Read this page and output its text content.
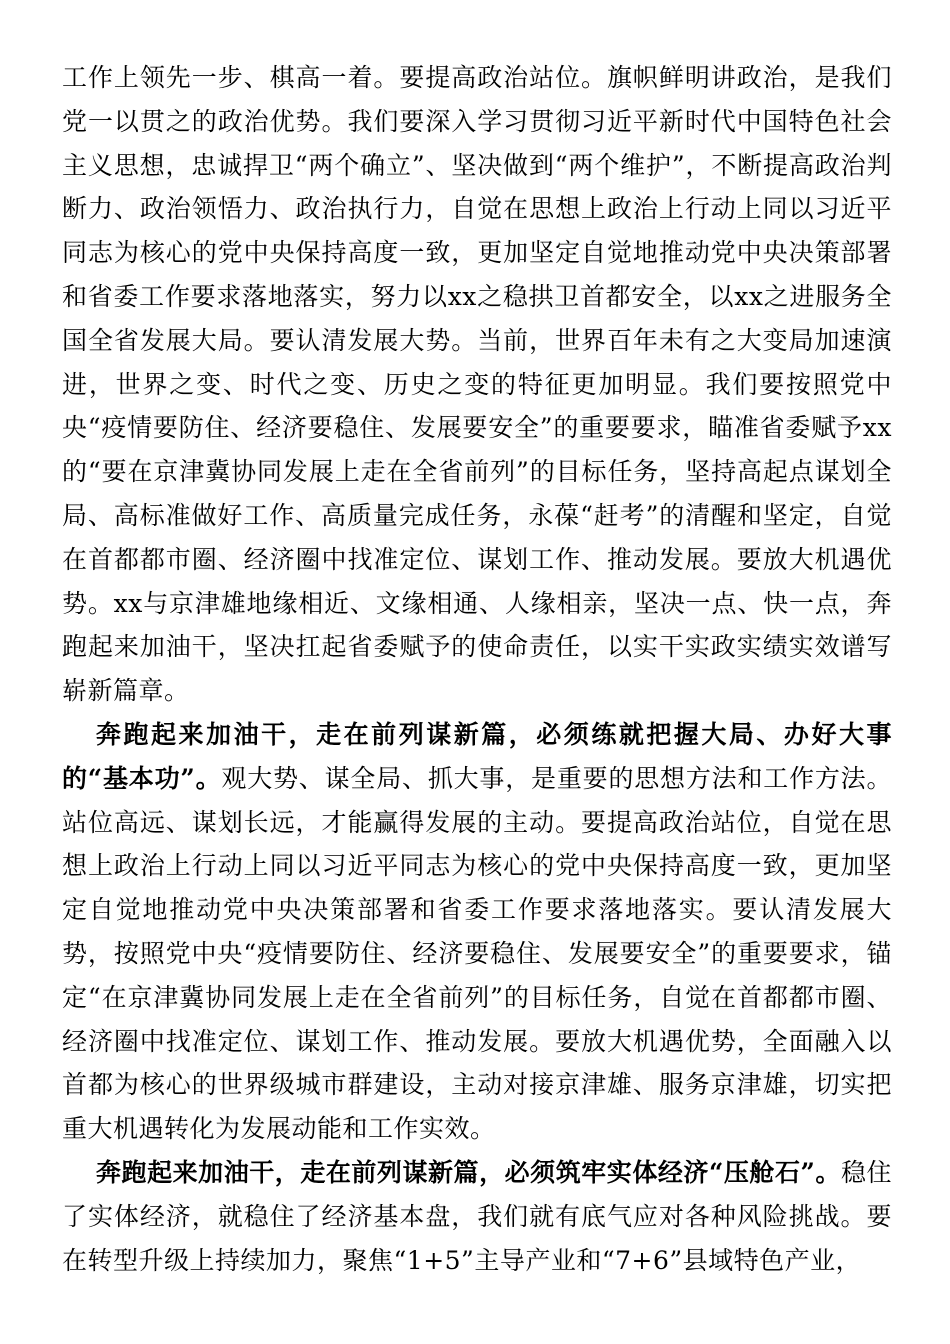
工作上领先一步、棋高一着。要提高政治站位。旗帜鲜明讲政治，是我们党一以贯之的政治优势。我们要深入学习贯彻习近平新时代中国特色社会主义思想，忠诚捍卫“两个确立”、坚决做到“两个维护”，不断提高政治判断力、政治领悟力、政治执行力，自觉在思想上政治上行动上同以习近平同志为核心的党中央保持高度一致，更加坚定自觉地推动党中央决策部署和省委工作要求落地落实，努力以xx之稳拱卫首都安全，以xx之进服务全国全省发展大局。要认清发展大势。当前，世界百年未有之大变局加速演进，世界之变、时代之变、历史之变的特征更加明显。我们要按照党中央“疫情要防住、经济要稳住、发展要安全”的重要要求，瞄准省委赋予xx的“要在京津冀协同发展上走在全省前列”的目标任务，坚持高起点谋划全局、高标准做好工作、高质量完成任务，永葆“赶考”的清醒和坚定，自觉在首都都市圈、经济圈中找准定位、谋划工作、推动发展。要放大机遇优势。xx与京津雄地缘相近、文缘相通、人缘相亲，坚决一点、快一点，奔跑起来加油干，坚决扛起省委赋予的使命责任，以实干实政实绩实效谱写崭新篇章。

奔跑起来加油干，走在前列谋新篇，必须练就把握大局、办好大事的“基本功”。观大势、谋全局、抓大事，是重要的思想方法和工作方法。站位高远、谋划长远，才能赢得发展的主动。要提高政治站位，自觉在思想上政治上行动上同以习近平同志为核心的党中央保持高度一致，更加坚定自觉地推动党中央决策部署和省委工作要求落地落实。要认清发展大势，按照党中央“疫情要防住、经济要稳住、发展要安全”的重要要求，锚定“在京津冀协同发展上走在全省前列”的目标任务，自觉在首都都市圈、经济圈中找准定位、谋划工作、推动发展。要放大机遇优势，全面融入以首都为核心的世界级城市群建设，主动对接京津雄、服务京津雄，切实把重大机遇转化为发展动能和工作实效。

奔跑起来加油干，走在前列谋新篇，必须筑牢实体经济“压舱石”。稳住了实体经济，就稳住了经济基本盘，我们就有底气应对各种风险挑战。要在转型升级上持续加力，聚焦“1+5”主导产业和“7+6”县域特色产业，
